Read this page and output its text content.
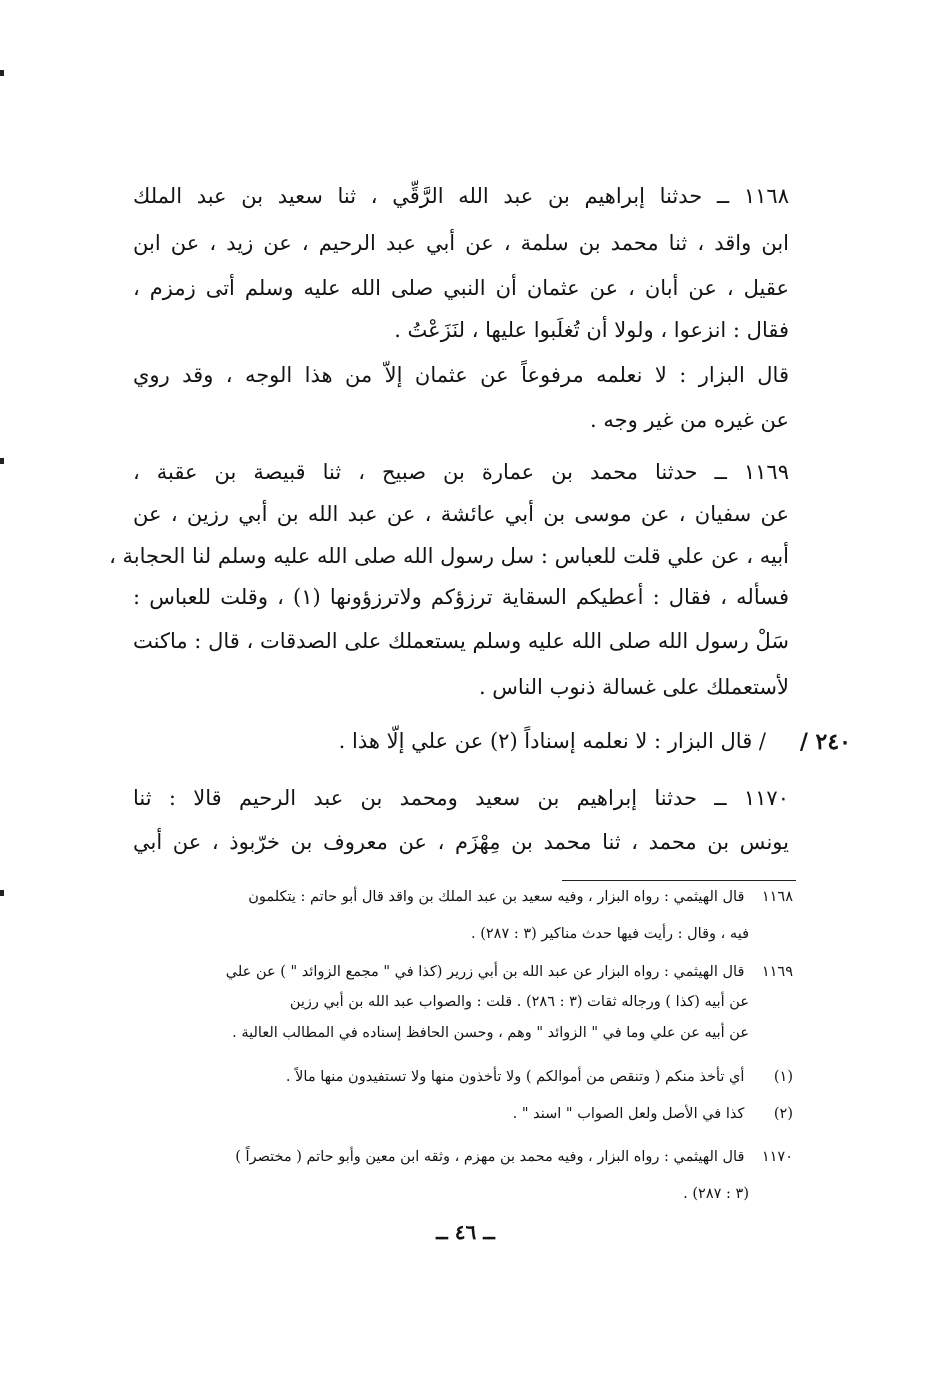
١١٦٨ ــ حدثنا إبراهيم بن عبد الله الرَّقِّي ، ثنا سعيد بن عبد الملك
ابن واقد ، ثنا محمد بن سلمة ، عن أبي عبد الرحيم ، عن زيد ، عن ابن
عقيل ، عن أبان ، عن عثمان أن النبي صلى الله عليه وسلم أتى زمزم ،
فقال : انزعوا ، ولولا أن تُغلَبوا عليها ، لنَزَعْتُ .
قال البزار : لا نعلمه مرفوعاً عن عثمان إلاّ من هذا الوجه ، وقد روي
عن غيره من غير وجه .
١١٦٩ ــ حدثنا محمد بن عمارة بن صبيح ، ثنا قبيصة بن عقبة ،
عن سفيان ، عن موسى بن أبي عائشة ، عن عبد الله بن أبي رزين ، عن
أبيه ، عن علي قلت للعباس : سل رسول الله صلى الله عليه وسلم لنا الحجابة ،
فسأله ، فقال : أعطيكم السقاية ترزؤكم ولاترزؤونها (١) ، وقلت للعباس :
سَلْ رسول الله صلى الله عليه وسلم يستعملك على الصدقات ، قال : ماكنت
لأستعملك على غسالة ذنوب الناس .
/ قال البزار : لا نعلمه إسناداً (٢) عن علي إلّا هذا . ٢٤٠ /
١١٧٠ ــ حدثنا إبراهيم بن سعيد ومحمد بن عبد الرحيم قالا : ثنا
يونس بن محمد ، ثنا محمد بن مِهْزَم ، عن معروف بن خرّبوذ ، عن أبي
١١٦٨ قال الهيثمي : رواه البزار ، وفيه سعيد بن عبد الملك بن واقد قال أبو حاتم : يتكلمون
فيه ، وقال : رأيت فيها حدث مناكير (٣ : ٢٨٧) .
١١٦٩ قال الهيثمي : رواه البزار عن عبد الله بن أبي زرير (كذا في " مجمع الزوائد " ) عن علي
عن أبيه (كذا ) ورجاله ثقات (٣ : ٢٨٦) . قلت : والصواب عبد الله بن أبي رزين
عن أبيه عن علي وما في " الزوائد " وهم ، وحسن الحافظ إسناده في المطالب العالية .
(١) أي تأخذ منكم ( وتنقص من أموالكم ) ولا تأخذون منها ولا تستفيدون منها مالاً .
(٢) كذا في الأصل ولعل الصواب " اسند " .
١١٧٠ قال الهيثمي : رواه البزار ، وفيه محمد بن مهزم ، وثقه ابن معين وأبو حاتم ( مختصراً )
(٣ : ٢٨٧) .
ــ ٤٦ ــ
